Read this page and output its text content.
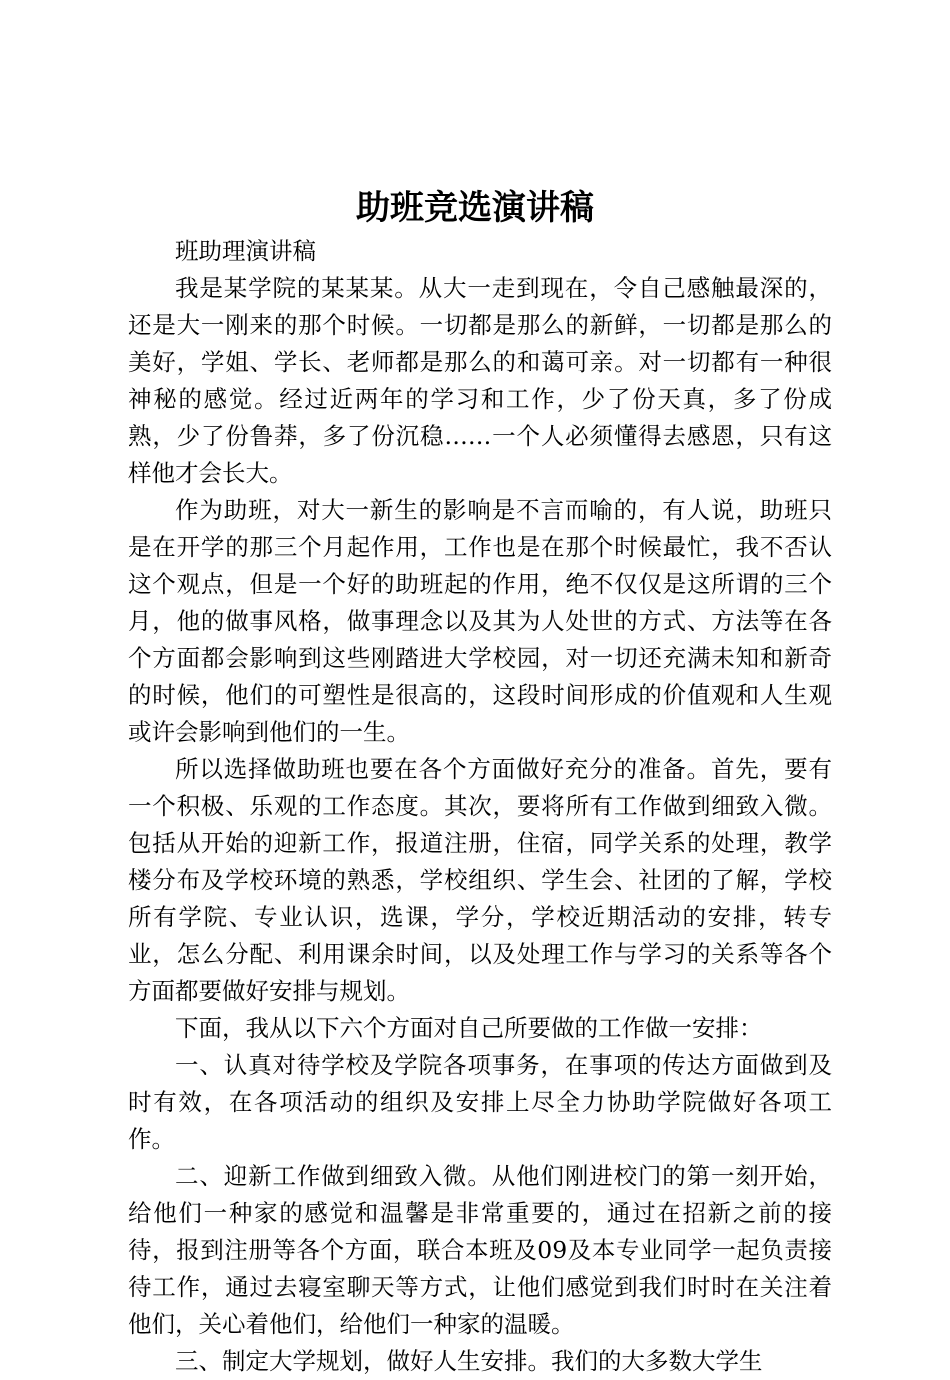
助班竞选演讲稿

班助理演讲稿

我是某学院的某某某。从大一走到现在，令自己感触最深的，还是大一刚来的那个时候。一切都是那么的新鲜，一切都是那么的美好，学姐、学长、老师都是那么的和蔼可亲。对一切都有一种很神秘的感觉。经过近两年的学习和工作，少了份天真，多了份成熟，少了份鲁莽，多了份沉稳……一个人必须懂得去感恩，只有这样他才会长大。

作为助班，对大一新生的影响是不言而喻的，有人说，助班只是在开学的那三个月起作用，工作也是在那个时候最忙，我不否认这个观点，但是一个好的助班起的作用，绝不仅仅是这所谓的三个月，他的做事风格，做事理念以及其为人处世的方式、方法等在各个方面都会影响到这些刚踏进大学校园，对一切还充满未知和新奇的时候，他们的可塑性是很高的，这段时间形成的价值观和人生观或许会影响到他们的一生。

所以选择做助班也要在各个方面做好充分的准备。首先，要有一个积极、乐观的工作态度。其次，要将所有工作做到细致入微。包括从开始的迎新工作，报道注册，住宿，同学关系的处理，教学楼分布及学校环境的熟悉，学校组织、学生会、社团的了解，学校所有学院、专业认识，选课，学分，学校近期活动的安排，转专业，怎么分配、利用课余时间，以及处理工作与学习的关系等各个方面都要做好安排与规划。

下面，我从以下六个方面对自己所要做的工作做一安排：

一、认真对待学校及学院各项事务，在事项的传达方面做到及时有效，在各项活动的组织及安排上尽全力协助学院做好各项工作。

二、迎新工作做到细致入微。从他们刚进校门的第一刻开始，给他们一种家的感觉和温馨是非常重要的，通过在招新之前的接待，报到注册等各个方面，联合本班及09及本专业同学一起负责接待工作，通过去寝室聊天等方式，让他们感觉到我们时时在关注着他们，关心着他们，给他们一种家的温暖。

三、制定大学规划，做好人生安排。我们的大多数大学生
